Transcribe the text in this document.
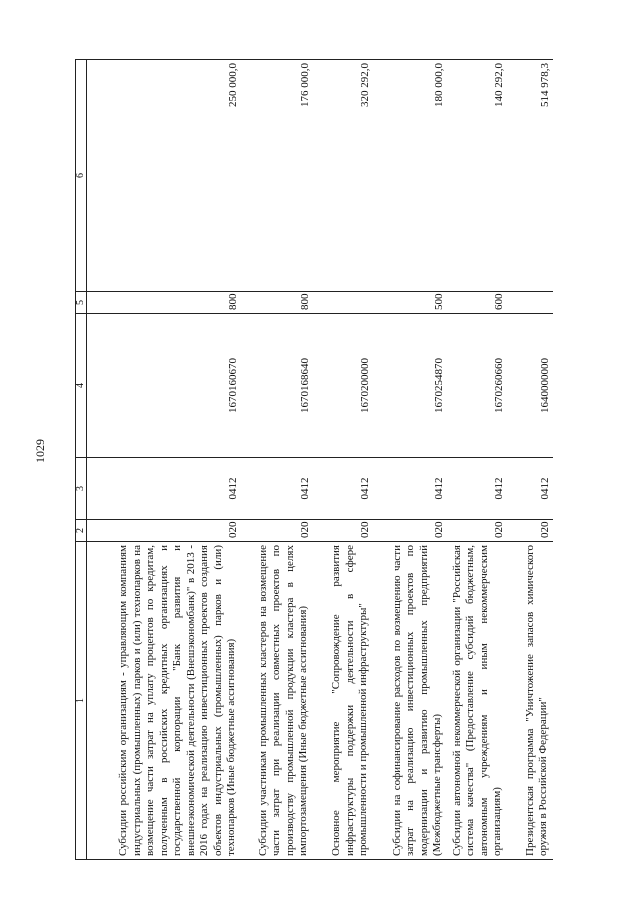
1029
1	2	3	4	5	6
Субсидии российским организациям - управляющим компаниям индустриальных (промышленных) парков и (или) технопарков на возмещение части затрат на уплату процентов по кредитам, полученным в российских кредитных организациях и государственной корпорации "Банк развития и внешнеэкономической деятельности (Внешэкономбанк)" в 2013 - 2016 годах на реализацию инвестиционных проектов создания объектов индустриальных (промышленных) парков и (или) технопарков (Иные бюджетные ассигнования)	020	0412	1670160670	800	250 000,0
Субсидии участникам промышленных кластеров на возмещение части затрат при реализации совместных проектов по производству промышленной продукции кластера в целях импортозамещения (Иные бюджетные ассигнования)	020	0412	1670168640	800	176 000,0
Основное мероприятие "Сопровождение развития инфраструктуры поддержки деятельности в сфере промышленности и промышленной инфраструктуры"	020	0412	1670200000		320 292,0
Субсидии на софинансирование расходов по возмещению части затрат на реализацию инвестиционных проектов по модернизации и развитию промышленных предприятий (Межбюджетные трансферты)	020	0412	1670254870	500	180 000,0
Субсидии автономной некоммерческой организации "Российская система качества" (Предоставление субсидий бюджетным, автономным учреждениям и иным некоммерческим организациям)	020	0412	1670260660	600	140 292,0
Президентская программа "Уничтожение запасов химического оружия в Российской Федерации"	020	0412	1640000000		514 978,3
